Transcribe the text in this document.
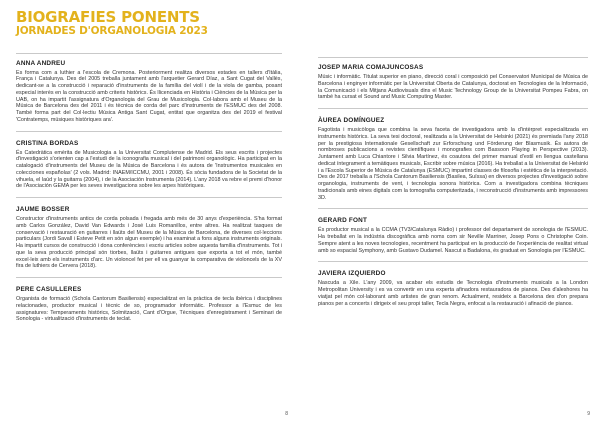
BIOGRAFIES PONENTS
JORNADES D'ORGANOLOGIA 2023
ANNA ANDREU

Es forma com a luthier a l'escola de Cremona. Posteriorment realitza diversos estades en tallers d'Itàlia, França i Catalunya. Des del 2005 treballa juntament amb l'arquetier Gerard Díaz, a Sant Cugat del Vallès, dedicant-se a la construcció i reparació d'instruments de la família del violí i de la viola de gamba, posant especial interès en la construcció amb criteris històrics. És llicenciada en Història i Ciències de la Música per la UAB, on ha impartit l'assignatura d'Organologia del Grau de Musicologia. Col·labora amb el Museu de la Música de Barcelona des del 2011 i és tècnica de corda del parc d'instruments de l'ESMUC des del 2008. També forma part del Col·lectiu Música Antiga Sant Cugat, entitat que organitza des del 2019 el festival 'Contratemps, músiques històriques ara'.

CRISTINA BORDAS

És Catedràtica emèrita de Musicologia a la Universitat Complutense de Madrid. Els seus escrits i projectes d'investigació s'orienten cap a l'estudi de la iconografia musical i del patrimoni organològic. Ha participat en la catalogació d'instruments del Museu de la Música de Barcelona i és autora de 'Instrumentos musicales en colecciones españolas' (2 vols. Madrid: INAEM/ICCMU, 2001 i 2008). És sòcia fundadora de la Societat de la vihuela, el laúd y la guitarra (2004), i de la Asociación Instrumenta (2014). L'any 2018 va rebre el premi d'honor de l'Asociación GEMA per les seves investigacions sobre les arpes històriques.

JAUME BOSSER

Constructor d'instruments antics de corda polsada i fregada amb més de 30 anys d'experiència. S'ha format amb Carlos González, David Van Edwards i José Luis Romanillos, entre altres. Ha realitzat tasques de conservació i restauració en guitarres i llaüts del Museu de la Música de Barcelona, de diverses col·leccions particulars (Jordi Savall i Esteve Petit en són algun exemple) i ha examinat a fons alguns instruments originals. Ha impartit cursos de construcció i dona conferències i escriu articles sobre aquesta família d'instruments. Tot i que la seva producció principal són tiorbes, llaüts i guitarres antigues que exporta a tot el món, també excel·leix amb els instruments d'arc. Un violoncel fet per ell va guanyar la comparativa de violoncels de la XV fira de luthiers de Cervera (2018).

PERE CASULLERES

Organista de formació (Schola Cantorum Basiliensis) especialitzat en la pràctica de tecla ibèrica i disciplines relacionades, productor musical i tècnic de so, programador informàtic. Professor a l'Esmuc de les assignatures: Temperaments històrics, Solmització, Cant d'Orgue, Tècniques d'enregistrament i Seminari de Sonologia - virtualització d'instruments de teclat.

8
JOSEP MARIA COMAJUNCOSAS

Músic i informàtic. Titulat superior en piano, direcció coral i composició pel Conservatori Municipal de Música de Barcelona i enginyer informàtic per la Universitat Oberta de Catalunya, doctorat en Tecnologies de la Informació, la Comunicació i els Mitjans Audiovisuals dins el Music Technology Group de la Universitat Pompeu Fabra, on també ha cursat el Sound and Music Computing Master.

ÀUREA DOMÍNGUEZ

Fagotista i musicòloga que combina la seva faceta de investigadora amb la d'intèrpret especialitzada en instruments històrics. La seva tesi doctoral, realitzada a la Universitat de Helsinki (2021) és premiada l'any 2018 per la prestigiosa Internationale Gesellschaft zur Erforschung und Förderung der Blasmusik. És autora de nombroses publicacions a revistes científiques i monografies com Bassoon Playing in Perspective (2013). Juntament amb Luca Chiantore i Silvia Martínez, és coautora del primer manual d'estil en llengua castellana dedicat íntegrament a temàtiques musicals, Escribir sobre música (2016). Ha treballat a la Universitat de Helsinki i a l'Escola Superior de Música de Catalunya (ESMUC) impartint classes de filosofia i estètica de la interpretació. Des de 2017 treballa a l'Schola Cantorum Basiliensis (Basilea, Suïssa) en diversos projectes d'investigació sobre organologia, instruments de vent, i tecnologia sonora històrica. Com a investigadora combina tècniques tradicionals amb eines digitals com la tomografia computeritzada, i reconstrucció d'instruments amb impressores 3D.

GERARD FONT

És productor musical a la CCMA (TV3/Catalunya Ràdio) i professor del departament de sonologia de l'ESMUC. Ha treballat en la indústria discogràfica amb noms com sir Neville Marriner, Josep Pons o Christophe Coin. Sempre atent a les noves tecnologies, recentment ha participat en la producció de l'experiència de realitat virtual amb so espacial Symphony, amb Gustavo Dudamel. Nascut a Badalona, és graduat en Sonologia per l'ESMUC.

JAVIERA IZQUIERDO

Nascuda a Xile. L'any 2009, va acabar els estudis de Tecnologia d'instruments musicals a la London Metropolitan University i es va convertir en una experta afinadora restauradora de pianos. Des d'aleshores ha viatjat pel món col·laborant amb artistes de gran renom. Actualment, resideix a Barcelona des d'on prepara pianos per a concerts i dirigeix el seu propi taller, Tecla Negra, enfocat a la restauració i afinació de pianos.

9
